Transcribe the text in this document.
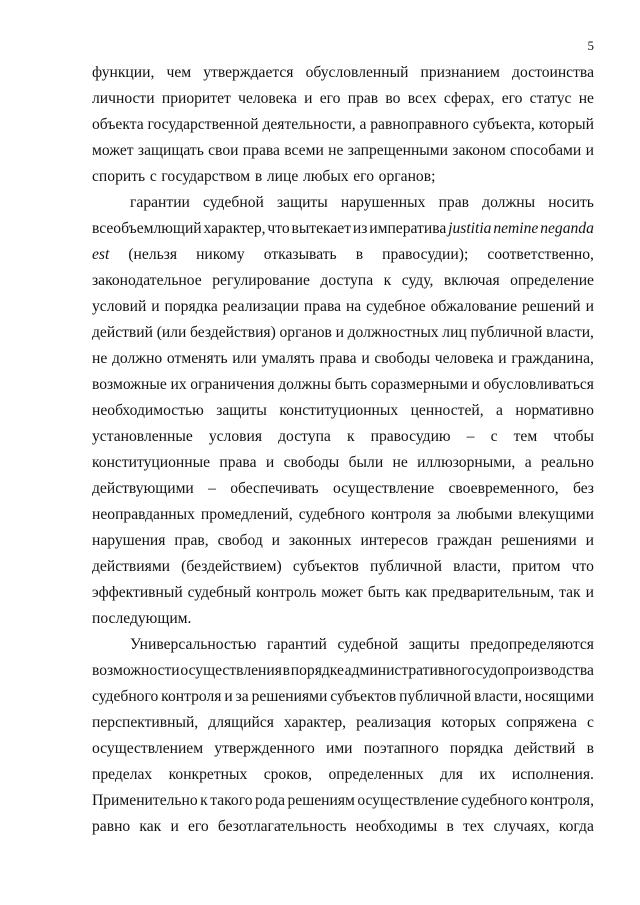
5
функции, чем утверждается обусловленный признанием достоинства
личности приоритет человека и его прав во всех сферах, его статус не
объекта государственной деятельности, а равноправного субъекта, который
может защищать свои права всеми не запрещенными законом способами и
спорить с государством в лице любых его органов;
гарантии судебной защиты нарушенных прав должны носить
всеобъемлющий характер, что вытекает из императива justitia nemine neganda
est (нельзя никому отказывать в правосудии); соответственно,
законодательное регулирование доступа к суду, включая определение
условий и порядка реализации права на судебное обжалование решений и
действий (или бездействия) органов и должностных лиц публичной власти,
не должно отменять или умалять права и свободы человека и гражданина,
возможные их ограничения должны быть соразмерными и обусловливаться
необходимостью защиты конституционных ценностей, а нормативно
установленные условия доступа к правосудию – с тем чтобы
конституционные права и свободы были не иллюзорными, а реально
действующими – обеспечивать осуществление своевременного, без
неоправданных промедлений, судебного контроля за любыми влекущими
нарушения прав, свобод и законных интересов граждан решениями и
действиями (бездействием) субъектов публичной власти, притом что
эффективный судебный контроль может быть как предварительным, так и
последующим.
Универсальностью гарантий судебной защиты предопределяются
возможности осуществления в порядке административного судопроизводства
судебного контроля и за решениями субъектов публичной власти, носящими
перспективный, длящийся характер, реализация которых сопряжена с
осуществлением утвержденного ими поэтапного порядка действий в
пределах конкретных сроков, определенных для их исполнения.
Применительно к такого рода решениям осуществление судебного контроля,
равно как и его безотлагательность необходимы в тех случаях, когда
